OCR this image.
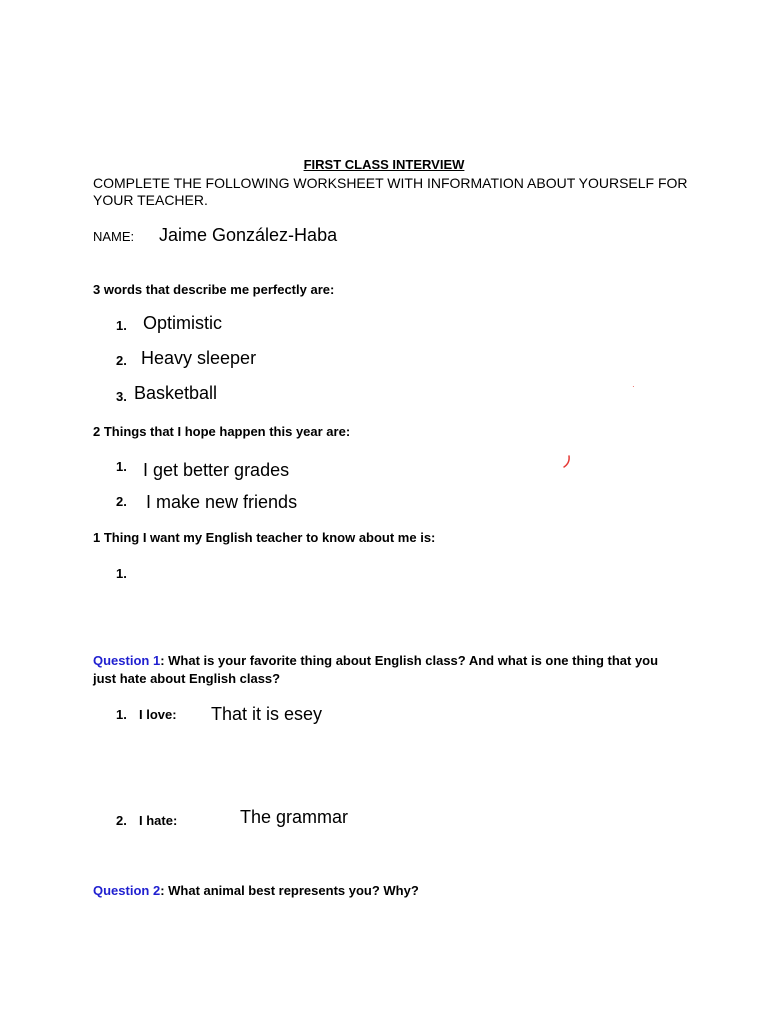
FIRST CLASS INTERVIEW
COMPLETE THE FOLLOWING WORKSHEET WITH INFORMATION ABOUT YOURSELF FOR YOUR TEACHER.
NAME: Jaime González-Haba
3 words that describe me perfectly are:
1. Optimistic
2. Heavy sleeper
3. Basketball	·
2 Things that I hope happen this year are:
1. I get better grades
2. I make new friends
1 Thing I want my English teacher to know about me is:
1.
Question 1: What is your favorite thing about English class? And what is one thing that you just hate about English class?
1. I love: That it is esey
2. I hate:	The grammar
Question 2: What animal best represents you? Why?
